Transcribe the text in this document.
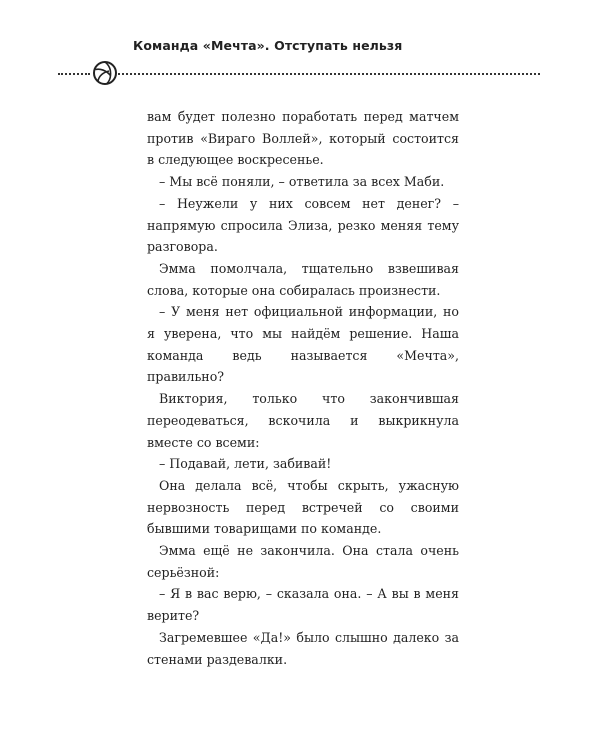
Команда «Мечта». Отступать нельзя

вам будет полезно поработать перед матчем против «Вираго Воллей», который состоится в следующее воскресенье.

– Мы всё поняли, – ответила за всех Маби.

– Неужели у них совсем нет денег? – напрямую спросила Элиза, резко меняя тему разговора.

Эмма помолчала, тщательно взвешивая слова, которые она собиралась произнести.

– У меня нет официальной информации, но я уверена, что мы найдём решение. Наша команда ведь называется «Мечта», правильно?

Виктория, только что закончившая переодеваться, вскочила и выкрикнула вместе со всеми:

– Подавай, лети, забивай!

Она делала всё, чтобы скрыть, ужасную нервозность перед встречей со своими бывшими товарищами по команде.

Эмма ещё не закончила. Она стала очень серьёзной:

– Я в вас верю, – сказала она. – А вы в меня верите?

Загремевшее «Да!» было слышно далеко за стенами раздевалки.
